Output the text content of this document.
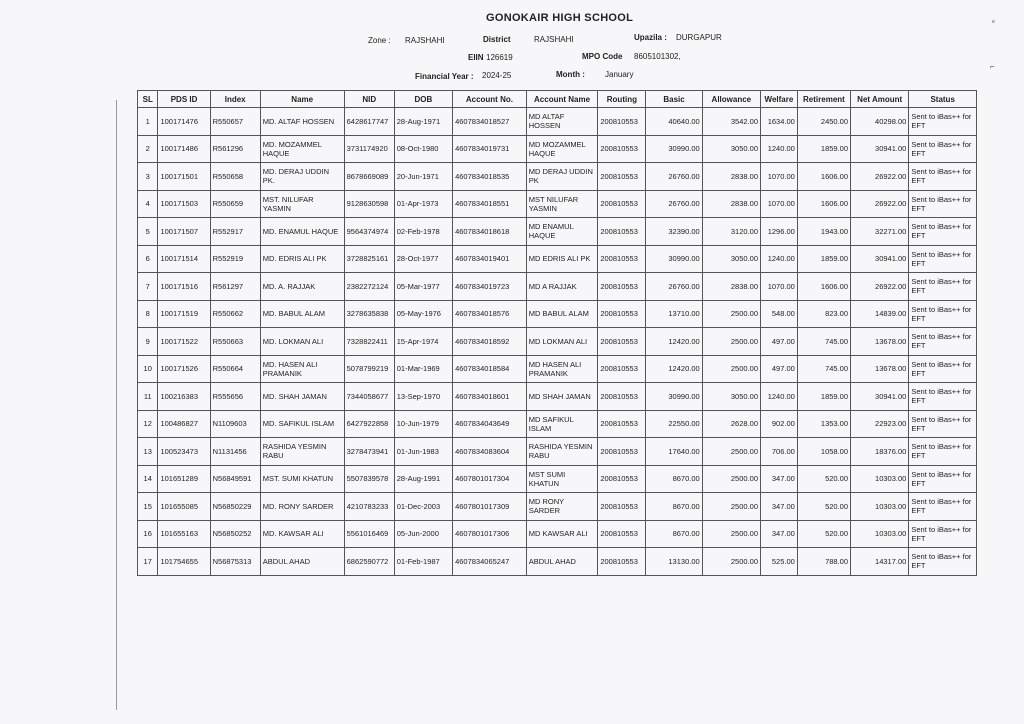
GONOKAIR HIGH SCHOOL
Zone : RAJSHAHI	District	RAJSHAHI	Upazila : DURGAPUR
EIIN 126619	MPO Code 8605101302,
Financial Year : 2024-25	Month :	January
SL	PDS ID	Index	Name	NID	DOB	Account No.	Account Name	Routing	Basic	Allowance	Welfare	Retirement	Net Amount	Status
1	100171476	R550657	MD. ALTAF HOSSEN	6428617747	28-Aug-1971	4607834018527	MD ALTAF HOSSEN	200810553	40640.00	3542.00	1634.00	2450.00	40298.00	Sent to iBas++ for EFT
2	100171486	R561296	MD. MOZAMMEL HAQUE	3731174920	08-Oct-1980	4607834019731	MD MOZAMMEL HAQUE	200810553	30990.00	3050.00	1240.00	1859.00	30941.00	Sent to iBas++ for EFT
3	100171501	R550658	MD. DERAJ UDDIN PK.	8678669089	20-Jun-1971	4607834018535	MD DERAJ UDDIN PK	200810553	26760.00	2838.00	1070.00	1606.00	26922.00	Sent to iBas++ for EFT
4	100171503	R550659	MST. NILUFAR YASMIN	9128630598	01-Apr-1973	4607834018551	MST NILUFAR YASMIN	200810553	26760.00	2838.00	1070.00	1606.00	26922.00	Sent to iBas++ for EFT
5	100171507	R552917	MD. ENAMUL HAQUE	9564374974	02-Feb-1978	4607834018618	MD ENAMUL HAQUE	200810553	32390.00	3120.00	1296.00	1943.00	32271.00	Sent to iBas++ for EFT
6	100171514	R552919	MD. EDRIS ALI PK	3728825161	28-Oct-1977	4607834019401	MD EDRIS ALI PK	200810553	30990.00	3050.00	1240.00	1859.00	30941.00	Sent to iBas++ for EFT
7	100171516	R561297	MD. A. RAJJAK	2382272124	05-Mar-1977	4607834019723	MD A RAJJAK	200810553	26760.00	2838.00	1070.00	1606.00	26922.00	Sent to iBas++ for EFT
8	100171519	R550662	MD. BABUL ALAM	3278635838	05-May-1976	4607834018576	MD BABUL ALAM	200810553	13710.00	2500.00	548.00	823.00	14839.00	Sent to iBas++ for EFT
9	100171522	R550663	MD. LOKMAN ALI	7328822411	15-Apr-1974	4607834018592	MD LOKMAN ALI	200810553	12420.00	2500.00	497.00	745.00	13678.00	Sent to iBas++ for EFT
10	100171526	R550664	MD. HASEN ALI PRAMANIK	5078799219	01-Mar-1969	4607834018584	MD HASEN ALI PRAMANIK	200810553	12420.00	2500.00	497.00	745.00	13678.00	Sent to iBas++ for EFT
11	100216383	R555656	MD. SHAH JAMAN	7344058677	13-Sep-1970	4607834018601	MD SHAH JAMAN	200810553	30990.00	3050.00	1240.00	1859.00	30941.00	Sent to iBas++ for EFT
12	100486827	N1109603	MD. SAFIKUL ISLAM	6427922858	10-Jun-1979	4607834043649	MD SAFIKUL ISLAM	200810553	22550.00	2628.00	902.00	1353.00	22923.00	Sent to iBas++ for EFT
13	100523473	N1131456	RASHIDA YESMIN RABU	3278473941	01-Jun-1983	4607834083604	RASHIDA YESMIN RABU	200810553	17640.00	2500.00	706.00	1058.00	18376.00	Sent to iBas++ for EFT
14	101651289	N56849591	MST. SUMI KHATUN	5507839578	28-Aug-1991	4607801017304	MST SUMI KHATUN	200810553	8670.00	2500.00	347.00	520.00	10303.00	Sent to iBas++ for EFT
15	101655085	N56850229	MD. RONY SARDER	4210783233	01-Dec-2003	4607801017309	MD RONY SARDER	200810553	8670.00	2500.00	347.00	520.00	10303.00	Sent to iBas++ for EFT
16	101655163	N56850252	MD. KAWSAR ALI	5561016469	05-Jun-2000	4607801017306	MD KAWSAR ALI	200810553	8670.00	2500.00	347.00	520.00	10303.00	Sent to iBas++ for EFT
17	101754655	N56875313	ABDUL AHAD	6862590772	01-Feb-1987	4607834065247	ABDUL AHAD	200810553	13130.00	2500.00	525.00	788.00	14317.00	Sent to iBas++ for EFT
ᵉ
⌐
